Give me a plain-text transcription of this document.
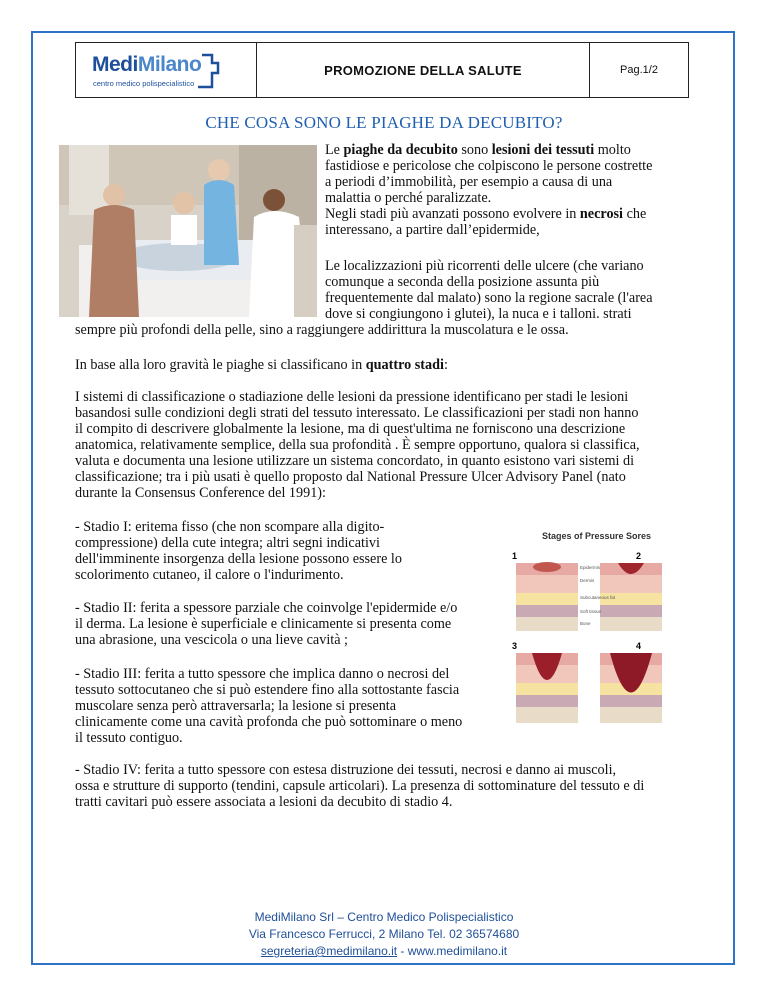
MediMilano
centro medico polispecialistico
PROMOZIONE DELLA SALUTE	Pag.1/2
CHE COSA SONO LE PIAGHE DA DECUBITO?
Le piaghe da decubito sono lesioni dei tessuti molto
fastidiose e pericolose che colpiscono le persone costrette
a periodi d’immobilità, per esempio a causa di una
malattia o perché paralizzate.
Negli stadi più avanzati possono evolvere in necrosi che
interessano, a partire dall’epidermide,
Le localizzazioni più ricorrenti delle ulcere (che variano
comunque a seconda della posizione assunta più
frequentemente dal malato) sono la regione sacrale (l'area
dove si congiungono i glutei), la nuca e i talloni. strati
sempre più profondi della pelle, sino a raggiungere addirittura la muscolatura e le ossa.
In base alla loro gravità le piaghe si classificano in quattro stadi:
I sistemi di classificazione o stadiazione delle lesioni da pressione identificano per stadi le lesioni
basandosi sulle condizioni degli strati del tessuto interessato. Le classificazioni per stadi non hanno
il compito di descrivere globalmente la lesione, ma di quest'ultima ne forniscono una descrizione
anatomica, relativamente semplice, della sua profondità . È sempre opportuno, qualora si classifica,
valuta e documenta una lesione utilizzare un sistema concordato, in quanto esistono vari sistemi di
classificazione; tra i più usati è quello proposto dal National Pressure Ulcer Advisory Panel (nato
durante la Consensus Conference del 1991):
- Stadio I: eritema fisso (che non scompare alla digito-
compressione) della cute integra; altri segni indicativi
dell'imminente insorgenza della lesione possono essere lo
scolorimento cutaneo, il calore o l'indurimento.
- Stadio II: ferita a spessore parziale che coinvolge l'epidermide e/o
il derma. La lesione è superficiale e clinicamente si presenta come
una abrasione, una vescicola o una lieve cavità ;
- Stadio III: ferita a tutto spessore che implica danno o necrosi del
tessuto sottocutaneo che si può estendere fino alla sottostante fascia
muscolare senza però attraversarla; la lesione si presenta
clinicamente come una cavità profonda che può sottominare o meno
il tessuto contiguo.
- Stadio IV: ferita a tutto spessore con estesa distruzione dei tessuti, necrosi e danno ai muscoli,
ossa e strutture di supporto (tendini, capsule articolari). La presenza di sottominature del tessuto e di
tratti cavitari può essere associata a lesioni da decubito di stadio 4.
Stages of Pressure Sores
1	2
3	4
Epidermis
Dermis
Subcutaneous fat
Soft tissue
Bone
MediMilano Srl – Centro Medico Polispecialistico
Via Francesco Ferrucci, 2 Milano Tel. 02 36574680
segreteria@medimilano.it - www.medimilano.it
